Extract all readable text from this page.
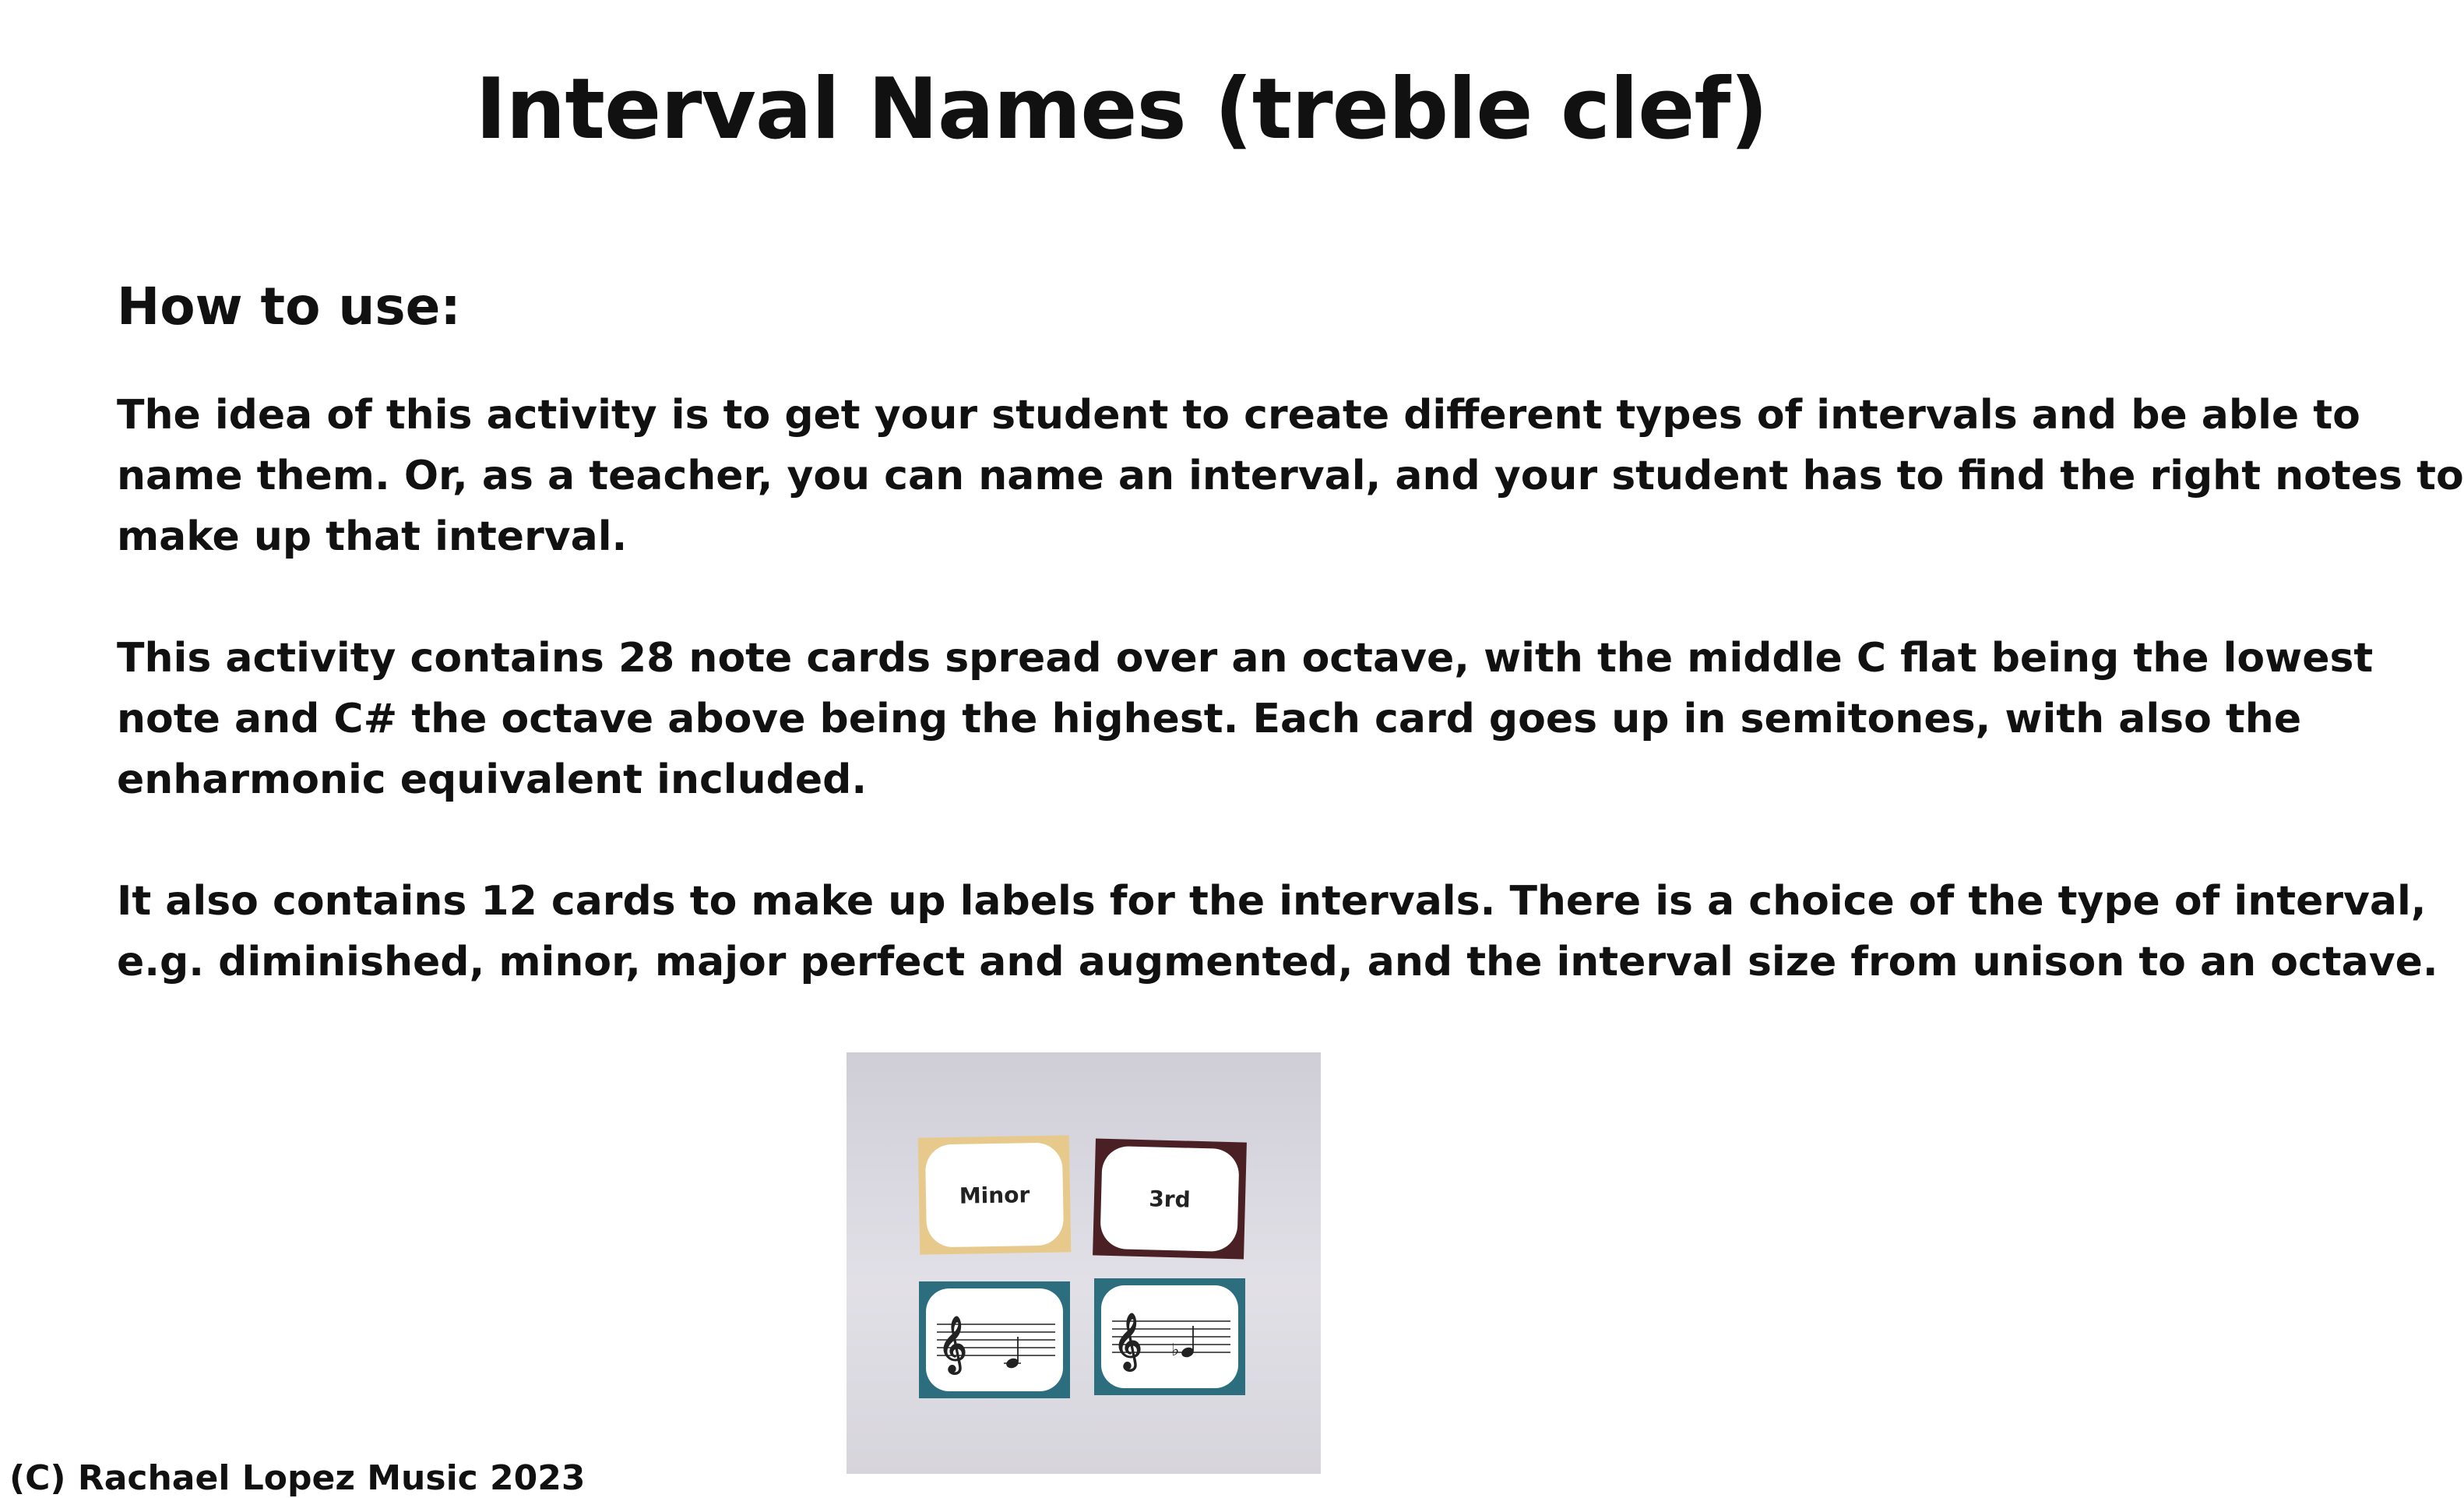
Interval Names (treble clef)
How to use:

The idea of this activity is to get your student to create different types of intervals and be able to
name them. Or, as a teacher, you can name an interval, and your student has to find the right notes to
make up that interval.

This activity contains 28 note cards spread over an octave, with the middle C flat being the lowest
note and C# the octave above being the highest. Each card goes up in semitones, with also the
enharmonic equivalent included.

It also contains 12 cards to make up labels for the intervals. There is a choice of the type of interval,
e.g. diminished, minor, major perfect and augmented, and the interval size from unison to an octave.

Minor	3rd
𝄞	𝄞 ♭
(C) Rachael Lopez Music 2023
